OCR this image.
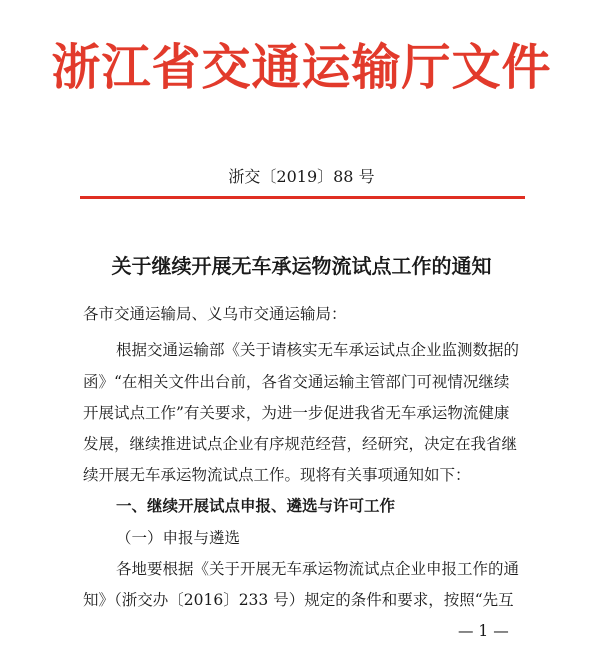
浙江省交通运输厅文件
浙交〔2019〕88 号
关于继续开展无车承运物流试点工作的通知
各市交通运输局、义乌市交通运输局：
根据交通运输部《关于请核实无车承运试点企业监测数据的
函》“在相关文件出台前，各省交通运输主管部门可视情况继续
开展试点工作”有关要求，为进一步促进我省无车承运物流健康
发展，继续推进试点企业有序规范经营，经研究，决定在我省继
续开展无车承运物流试点工作。现将有关事项通知如下：
一、继续开展试点申报、遴选与许可工作
（一）申报与遴选
各地要根据《关于开展无车承运物流试点企业申报工作的通
知》（浙交办〔2016〕233 号）规定的条件和要求，按照“先互
— 1 —
